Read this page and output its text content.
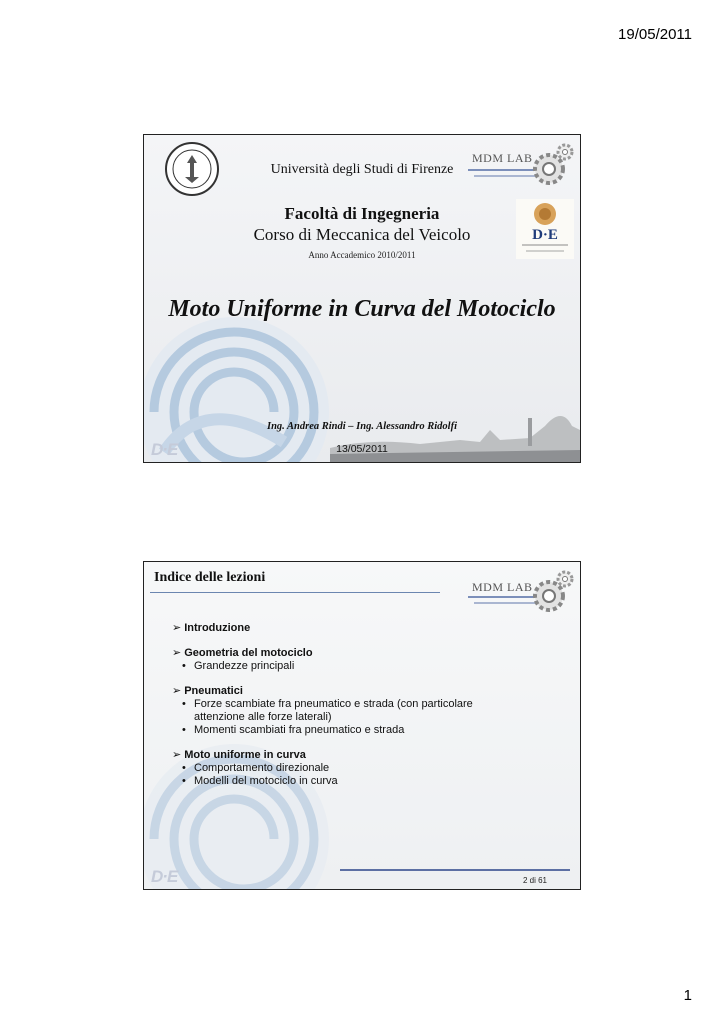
19/05/2011
Università degli Studi di Firenze
MDM LAB
Facoltà di Ingegneria
Corso di Meccanica del Veicolo
Anno Accademico 2010/2011
D·E
Moto Uniforme in Curva del Motociclo
Ing. Andrea Rindi – Ing. Alessandro Ridolfi
13/05/2011
D·E
Indice delle lezioni
MDM LAB

➢ Introduzione

➢ Geometria del motociclo

• Grandezze principali

➢ Pneumatici

• Forze scambiate fra pneumatico e strada (con particolare attenzione alle forze laterali)

• Momenti scambiati fra pneumatico e strada

➢ Moto uniforme in curva

• Comportamento direzionale

• Modelli del motociclo in curva

2 di 61
D·E
1
